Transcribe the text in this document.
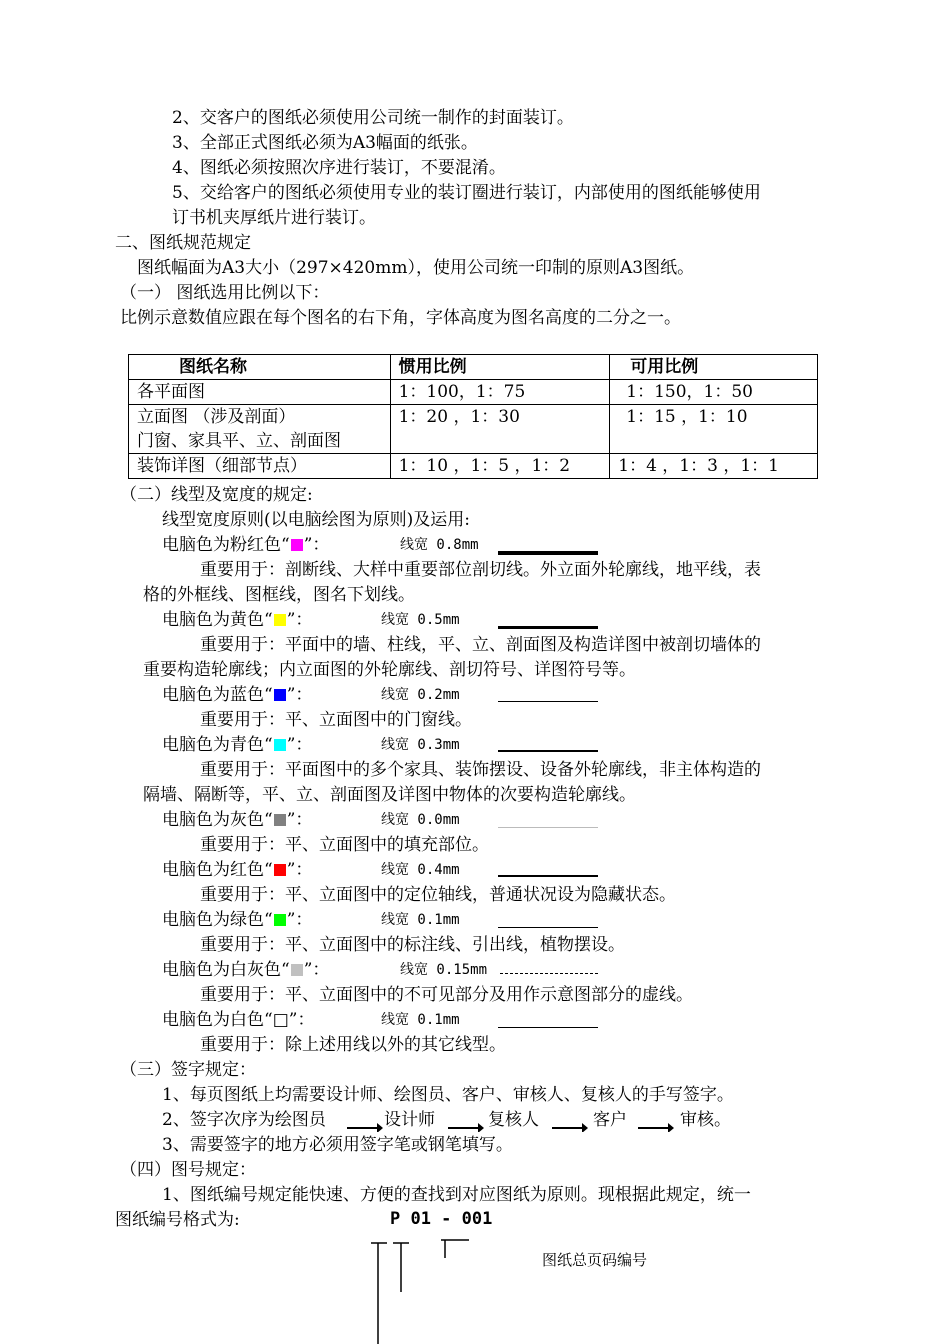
2、交客户的图纸必须使用公司统一制作的封面装订。
3、全部正式图纸必须为A3幅面的纸张。
4、图纸必须按照次序进行装订，不要混淆。
5、交给客户的图纸必须使用专业的装订圈进行装订，内部使用的图纸能够使用
订书机夹厚纸片进行装订。
二、图纸规范规定
图纸幅面为A3大小（297×420mm），使用公司统一印制的原则A3图纸。
（一） 图纸选用比例以下：
比例示意数值应跟在每个图名的右下角，字体高度为图名高度的二分之一。
图纸名称	惯用比例	可用比例
各平面图	1：100，1：75	1：150，1：50

立面图 （涉及剖面）
门窗、家具平、立、剖面图	1：20 ，1：30	1：15 ，1：10
装饰详图（细部节点）	1：10 ，1：5 ，1：2	1：4 ，1：3 ，1：1
（二）线型及宽度的规定:
线型宽度原则(以电脑绘图为原则)及运用:
电脑色为粉红色“ ”：	线宽 0.8mm
重要用于：剖断线、大样中重要部位剖切线。外立面外轮廓线，地平线，表
格的外框线、图框线，图名下划线。
电脑色为黄色“ ”：	线宽 0.5mm
重要用于：平面中的墙、柱线，平、立、剖面图及构造详图中被剖切墙体的
重要构造轮廓线；内立面图的外轮廓线、剖切符号、详图符号等。
电脑色为蓝色“ ”：	线宽 0.2mm
重要用于：平、立面图中的门窗线。
电脑色为青色“ ”：	线宽 0.3mm
重要用于：平面图中的多个家具、装饰摆设、设备外轮廓线，非主体构造的
隔墙、隔断等，平、立、剖面图及详图中物体的次要构造轮廓线。
电脑色为灰色“ ”：	线宽 0.0mm
重要用于：平、立面图中的填充部位。
电脑色为红色“ ”：	线宽 0.4mm
重要用于：平、立面图中的定位轴线，普通状况设为隐藏状态。
电脑色为绿色“ ”：	线宽 0.1mm
重要用于：平、立面图中的标注线、引出线，植物摆设。
电脑色为白灰色“ ”：	线宽 0.15mm
重要用于：平、立面图中的不可见部分及用作示意图部分的虚线。
电脑色为白色“□”：	线宽 0.1mm
重要用于：除上述用线以外的其它线型。
（三）签字规定：
1、每页图纸上均需要设计师、绘图员、客户、审核人、复核人的手写签字。
2、签字次序为绘图员	设计师	复核人	客户	审核。
3、需要签字的地方必须用签字笔或钢笔填写。
（四）图号规定：
1、图纸编号规定能快速、方便的查找到对应图纸为原则。现根据此规定，统一
图纸编号格式为:	P 01 - 001
图纸总页码编号
